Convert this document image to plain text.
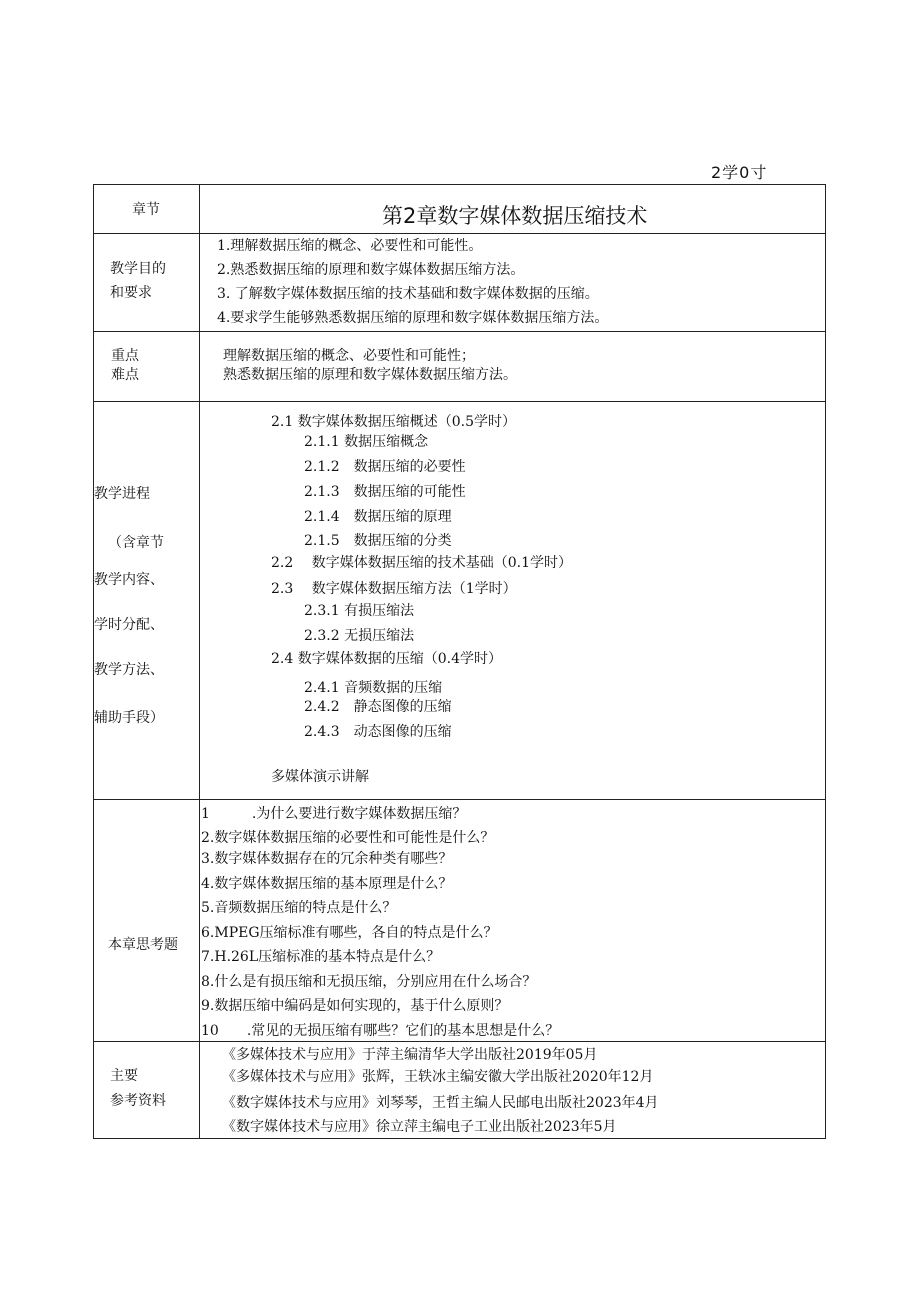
2学0寸
章节	第2章数字媒体数据压缩技术
教学目的
和要求
1.理解数据压缩的概念、必要性和可能性。
2.熟悉数据压缩的原理和数字媒体数据压缩方法。
3. 了解数字媒体数据压缩的技术基础和数字媒体数据的压缩。
4.要求学生能够熟悉数据压缩的原理和数字媒体数据压缩方法。
重点
难点
理解数据压缩的概念、必要性和可能性；
熟悉数据压缩的原理和数字媒体数据压缩方法。
教学进程
（含章节
教学内容、
学时分配、
教学方法、
辅助手段）
2.1 数字媒体数据压缩概述（0.5学时）
2.1.1 数据压缩概念
2.1.2　数据压缩的必要性
2.1.3　数据压缩的可能性
2.1.4　数据压缩的原理
2.1.5　数据压缩的分类
2.2　 数字媒体数据压缩的技术基础（0.1学时）
2.3　 数字媒体数据压缩方法（1学时）
2.3.1 有损压缩法
2.3.2 无损压缩法
2.4 数字媒体数据的压缩（0.4学时）
2.4.1 音频数据的压缩
2.4.2　静态图像的压缩
2.4.3　动态图像的压缩
多媒体演示讲解
本章思考题
1　　　.为什么要进行数字媒体数据压缩？
2.数字媒体数据压缩的必要性和可能性是什么？
3.数字媒体数据存在的冗余种类有哪些？
4.数字媒体数据压缩的基本原理是什么？
5.音频数据压缩的特点是什么？
6.MPEG压缩标准有哪些，各自的特点是什么？
7.H.26L压缩标准的基本特点是什么？
8.什么是有损压缩和无损压缩，分别应用在什么场合？
9.数据压缩中编码是如何实现的，基于什么原则？
10　　.常见的无损压缩有哪些？它们的基本思想是什么？
主要
参考资料
《多媒体技术与应用》于萍主编清华大学出版社2019年05月
《多媒体技术与应用》张辉，王轶冰主编安徽大学出版社2020年12月
《数字媒体技术与应用》刘琴琴，王哲主编人民邮电出版社2023年4月
《数字媒体技术与应用》徐立萍主编电子工业出版社2023年5月
